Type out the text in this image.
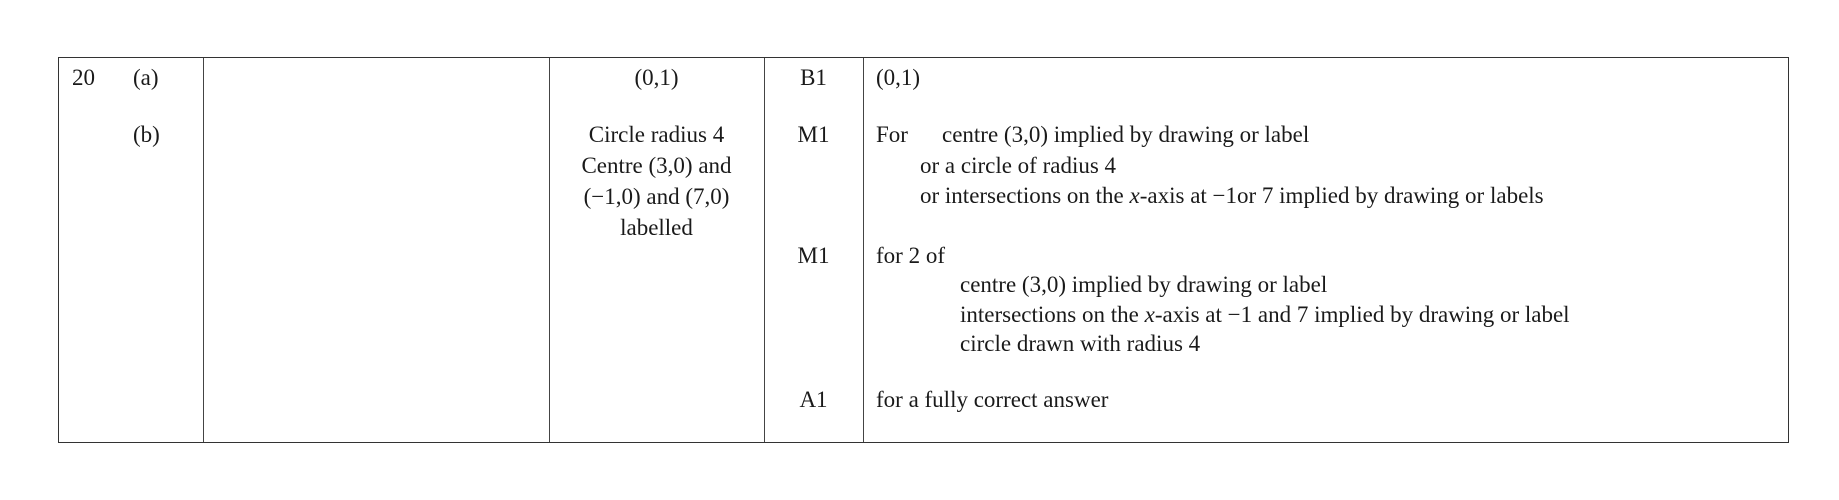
20 (a)	(0,1)	B1	(0,1)
(b)	Circle radius 4
Centre (3,0) and
(−1,0) and (7,0)
labelled
M1	For centre (3,0) implied by drawing or label
or a circle of radius 4
or intersections on the x-axis at −1or 7 implied by drawing or labels
M1	for 2 of
centre (3,0) implied by drawing or label
intersections on the x-axis at −1 and 7 implied by drawing or label
circle drawn with radius 4
A1	for a fully correct answer
